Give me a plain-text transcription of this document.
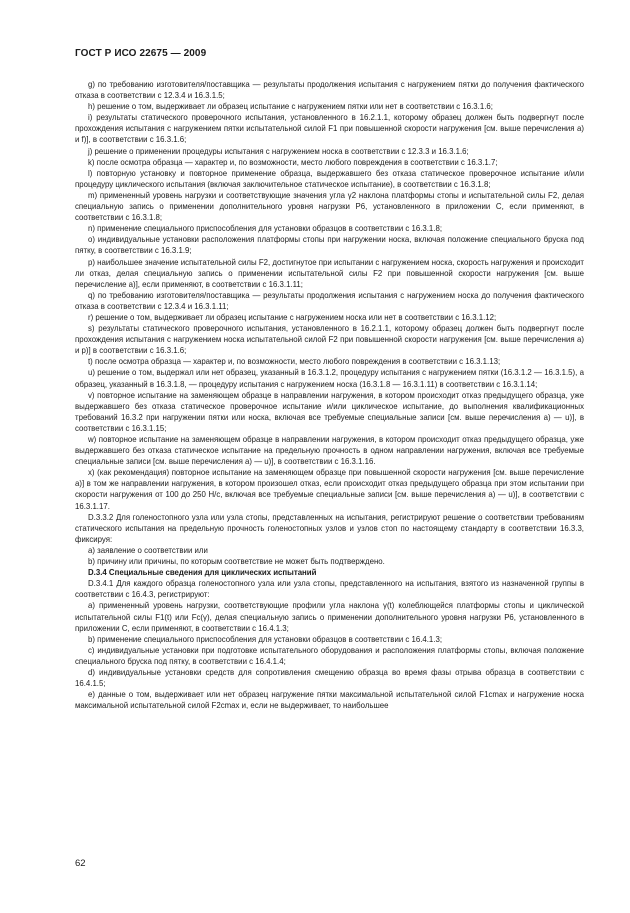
ГОСТ Р ИСО 22675 — 2009

g) по требованию изготовителя/поставщика — результаты продолжения испытания с нагружением пятки до получения фактического отказа в соответствии с 12.3.4 и 16.3.1.5;

h) решение о том, выдерживает ли образец испытание с нагружением пятки или нет в соответствии с 16.3.1.6;

i) результаты статического проверочного испытания, установленного в 16.2.1.1, которому образец должен быть подвергнут после прохождения испытания с нагружением пятки испытательной силой F1 при повышенной скорости нагружения [см. выше перечисления а) и f)], в соответствии с 16.3.1.6;

j) решение о применении процедуры испытания с нагружением носка в соответствии с 12.3.3 и 16.3.1.6;

k) после осмотра образца — характер и, по возможности, место любого повреждения в соответствии с 16.3.1.7;

l) повторную установку и повторное применение образца, выдержавшего без отказа статическое проверочное испытание и/или процедуру циклического испытания (включая заключительное статическое испытание), в соответствии с 16.3.1.8;

m) примененный уровень нагрузки и соответствующие значения угла γ2 наклона платформы стопы и испытательной силы F2, делая специальную запись о применении дополнительного уровня нагрузки Р6, установленного в приложении С, если применяют, в соответствии с 16.3.1.8;

n) применение специального приспособления для установки образцов в соответствии с 16.3.1.8;

o) индивидуальные установки расположения платформы стопы при нагружении носка, включая положение специального бруска под пятку, в соответствии с 16.3.1.9;

p) наибольшее значение испытательной силы F2, достигнутое при испытании с нагружением носка, скорость нагружения и происходит ли отказ, делая специальную запись о применении испытательной силы F2 при повышенной скорости нагружения [см. выше перечисление а)], если применяют, в соответствии с 16.3.1.11;

q) по требованию изготовителя/поставщика — результаты продолжения испытания с нагружением носка до получения фактического отказа в соответствии с 12.3.4 и 16.3.1.11;

r) решение о том, выдерживает ли образец испытание с нагружением носка или нет в соответствии с 16.3.1.12;

s) результаты статического проверочного испытания, установленного в 16.2.1.1, которому образец должен быть подвергнут после прохождения испытания с нагружением носка испытательной силой F2 при повышенной скорости нагружения [см. выше перечисления а) и р)] в соответствии с 16.3.1.6;

t) после осмотра образца — характер и, по возможности, место любого повреждения в соответствии с 16.3.1.13;

u) решение о том, выдержал или нет образец, указанный в 16.3.1.2, процедуру испытания с нагружением пятки (16.3.1.2 — 16.3.1.5), а образец, указанный в 16.3.1.8, — процедуру испытания с нагружением носка (16.3.1.8 — 16.3.1.11) в соответствии с 16.3.1.14;

v) повторное испытание на заменяющем образце в направлении нагружения, в котором происходит отказ предыдущего образца, уже выдержавшего без отказа статическое проверочное испытание и/или циклическое испытание, до выполнения квалификационных требований 16.3.2 при нагружении пятки или носка, включая все требуемые специальные записи [см. выше перечисления а) — u)], в соответствии с 16.3.1.15;

w) повторное испытание на заменяющем образце в направлении нагружения, в котором происходит отказ предыдущего образца, уже выдержавшего без отказа статическое испытание на предельную прочность в одном направлении нагружения, включая все требуемые специальные записи [см. выше перечисления а) — u)], в соответствии с 16.3.1.16.

х) (как рекомендация) повторное испытание на заменяющем образце при повышенной скорости нагружения [см. выше перечисление а)] в том же направлении нагружения, в котором произошел отказ, если происходит отказ предыдущего образца при этом испытании при скорости нагружения от 100 до 250 Н/с, включая все требуемые специальные записи [см. выше перечисления а) — u)], в соответствии с 16.3.1.17.

D.3.3.2 Для голеностопного узла или узла стопы, представленных на испытания, регистрируют решение о соответствии требованиям статического испытания на предельную прочность голеностопных узлов и узлов стоп по настоящему стандарту в соответствии 16.3.3, фиксируя:

а) заявление о соответствии или

b) причину или причины, по которым соответствие не может быть подтверждено.

D.3.4 Специальные сведения для циклических испытаний

D.3.4.1 Для каждого образца голеностопного узла или узла стопы, представленного на испытания, взятого из назначенной группы в соответствии с 16.4.3, регистрируют:

а) примененный уровень нагрузки, соответствующие профили угла наклона γ(t) колеблющейся платформы стопы и циклической испытательной силы F1(t) или Fc(γ), делая специальную запись о применении дополнительного уровня нагрузки Р6, установленного в приложении С, если применяют, в соответствии с 16.4.1.3;

b) применение специального приспособления для установки образцов в соответствии с 16.4.1.3;

с) индивидуальные установки при подготовке испытательного оборудования и расположения платформы стопы, включая положение специального бруска под пятку, в соответствии с 16.4.1.4;

d) индивидуальные установки средств для сопротивления смещению образца во время фазы отрыва образца в соответствии с 16.4.1.5;

е) данные о том, выдерживает или нет образец нагружение пятки максимальной испытательной силой F1cmax и нагружение носка максимальной испытательной силой F2cmax и, если не выдерживает, то наибольшее

62
